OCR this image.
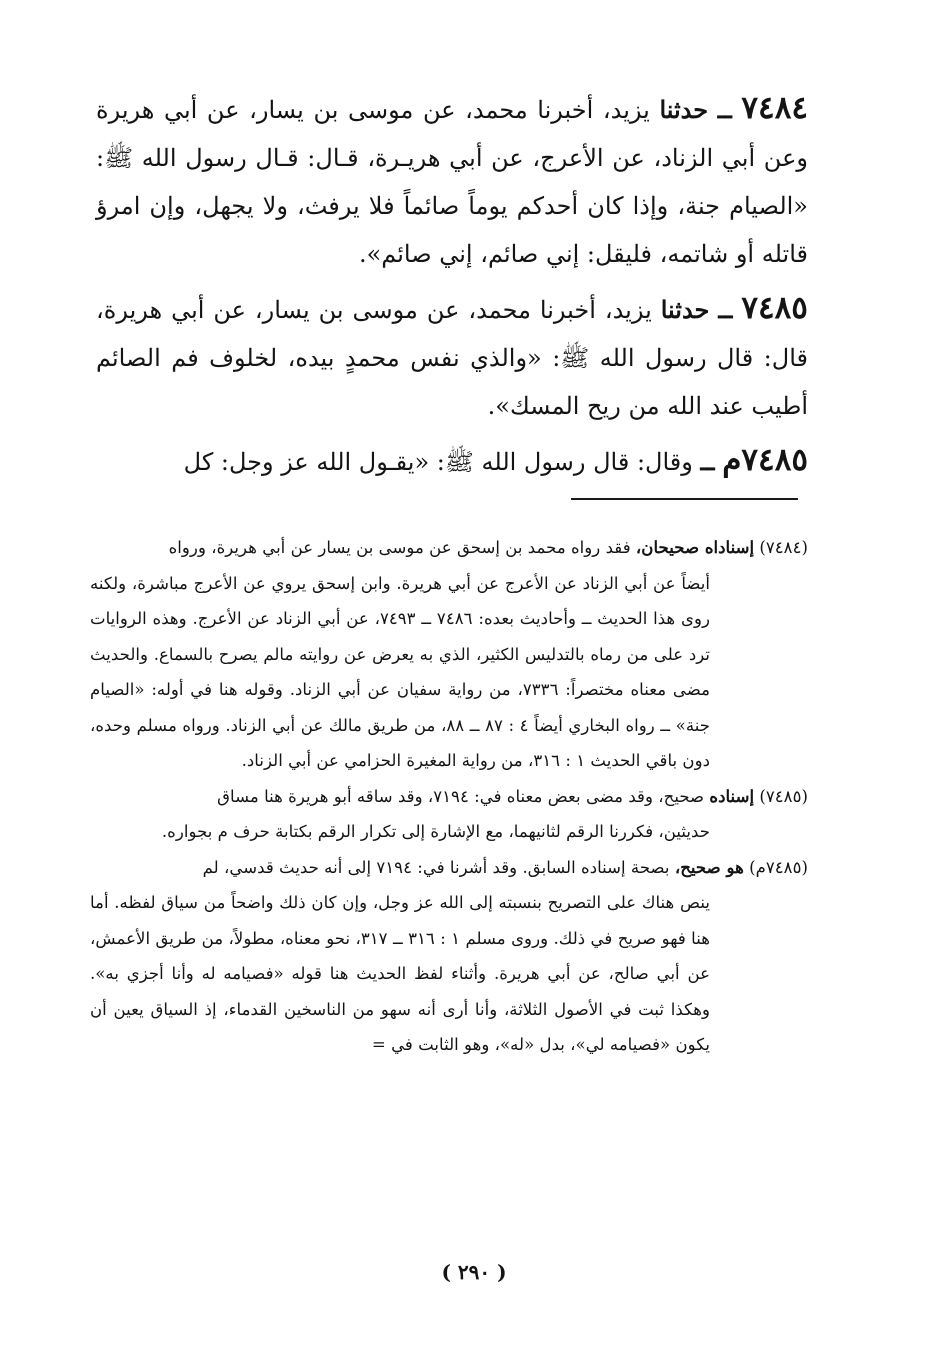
٧٤٨٤ ــ حدثنا يزيد، أخبرنا محمد، عن موسى بن يسار، عن أبي هريرة وعن أبي الزناد، عن الأعرج، عن أبي هريـرة، قـال: قـال رسول الله ﷺ: «الصيام جنة، وإذا كان أحدكم يوماً صائماً فلا يرفث، ولا يجهل، وإن امرؤ قاتله أو شاتمه، فليقل: إني صائم، إني صائم».

٧٤٨٥ ــ حدثنا يزيد، أخبرنا محمد، عن موسى بن يسار، عن أبي هريرة، قال: قال رسول الله ﷺ: «والذي نفس محمدٍ بيده، لخلوف فم الصائم أطيب عند الله من ريح المسك».

٧٤٨٥م ــ وقال: قال رسول الله ﷺ: «يقـول الله عز وجل: كل

(٧٤٨٤) إسناداه صحيحان، فقد رواه محمد بن إسحق عن موسى بن يسار عن أبي هريرة، ورواه
أيضاً عن أبي الزناد عن الأعرج عن أبي هريرة. وابن إسحق يروي عن الأعرج مباشرة، ولكنه روى هذا الحديث ــ وأحاديث بعده: ٧٤٨٦ ــ ٧٤٩٣، عن أبي الزناد عن الأعرج. وهذه الروايات ترد على من رماه بالتدليس الكثير، الذي به يعرض عن روايته مالم يصرح بالسماع. والحديث مضى معناه مختصراً: ٧٣٣٦، من رواية سفيان عن أبي الزناد. وقوله هنا في أوله: «الصيام جنة» ــ رواه البخاري أيضاً ٤ : ٨٧ ــ ٨٨، من طريق مالك عن أبي الزناد. ورواه مسلم وحده، دون باقي الحديث ١ : ٣١٦، من رواية المغيرة الحزامي عن أبي الزناد.

(٧٤٨٥) إسناده صحيح، وقد مضى بعض معناه في: ٧١٩٤، وقد ساقه أبو هريرة هنا مساق
حديثين، فكررنا الرقم لثانيهما، مع الإشارة إلى تكرار الرقم بكتابة حرف م بجواره.

(٧٤٨٥م) هو صحيح، بصحة إسناده السابق. وقد أشرنا في: ٧١٩٤ إلى أنه حديث قدسي، لم
ينص هناك على التصريح بنسبته إلى الله عز وجل، وإن كان ذلك واضحاً من سياق لفظه. أما هنا فهو صريح في ذلك. وروى مسلم ١ : ٣١٦ ــ ٣١٧، نحو معناه، مطولاً، من طريق الأعمش، عن أبي صالح، عن أبي هريرة. وأثناء لفظ الحديث هنا قوله «فصيامه له وأنا أجزي به». وهكذا ثبت في الأصول الثلاثة، وأنا أرى أنه سهو من الناسخين القدماء، إذ السياق يعين أن يكون «فصيامه لي»، بدل «له»، وهو الثابت في =

( ٢٩٠ )
